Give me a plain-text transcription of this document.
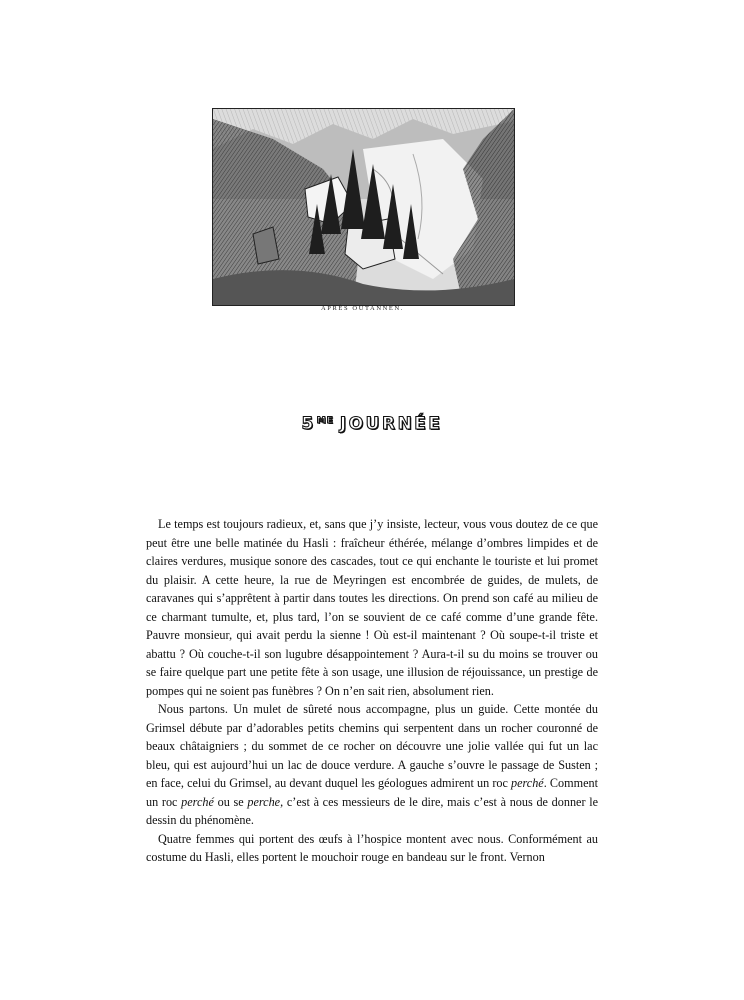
APRÈS OUTANNEN.
$5^{ME}$ JOURNÉE

Le temps est toujours radieux, et, sans que j’y insiste, lecteur, vous vous doutez de ce que peut être une belle matinée du Hasli : fraîcheur éthérée, mélange d’ombres limpides et de claires verdures, musique sonore des cascades, tout ce qui enchante le touriste et lui promet du plaisir. A cette heure, la rue de Meyringen est encombrée de guides, de mulets, de caravanes qui s’apprêtent à partir dans toutes les directions. On prend son café au milieu de ce charmant tumulte, et, plus tard, l’on se souvient de ce café comme d’une grande fête. Pauvre monsieur, qui avait perdu la sienne ! Où est-il maintenant ? Où soupe-t-il triste et abattu ? Où couche-t-il son lugubre désappointement ? Aura-t-il su du moins se trouver ou se faire quelque part une petite fête à son usage, une illusion de réjouissance, un prestige de pompes qui ne soient pas funèbres ? On n’en sait rien, absolument rien.

Nous partons. Un mulet de sûreté nous accompagne, plus un guide. Cette montée du Grimsel débute par d’adorables petits chemins qui serpentent dans un rocher couronné de beaux châtaigniers ; du sommet de ce rocher on découvre une jolie vallée qui fut un lac bleu, qui est aujourd’hui un lac de douce verdure. A gauche s’ouvre le passage de Susten ; en face, celui du Grimsel, au devant duquel les géologues admirent un roc perché. Comment un roc perché ou se perche, c’est à ces messieurs de le dire, mais c’est à nous de donner le dessin du phénomène.

Quatre femmes qui portent des œufs à l’hospice montent avec nous. Conformément au costume du Hasli, elles portent le mouchoir rouge en bandeau sur le front. Vernon
